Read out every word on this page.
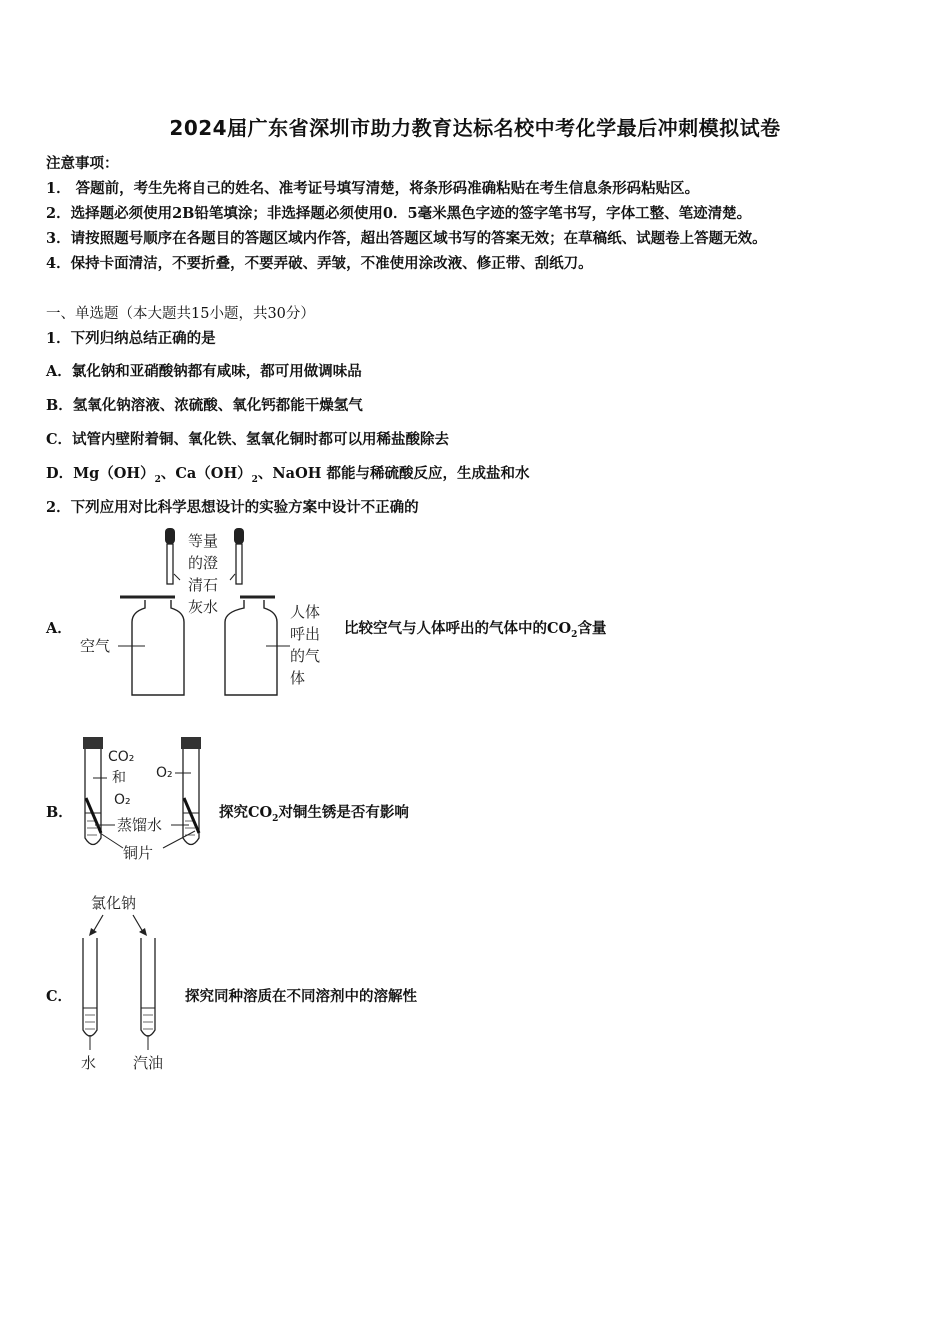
2024届广东省深圳市助力教育达标名校中考化学最后冲刺模拟试卷
注意事项：
1． 答题前，考生先将自己的姓名、准考证号填写清楚，将条形码准确粘贴在考生信息条形码粘贴区。
2．选择题必须使用2B铅笔填涂；非选择题必须使用0．5毫米黑色字迹的签字笔书写，字体工整、笔迹清楚。
3．请按照题号顺序在各题目的答题区域内作答，超出答题区域书写的答案无效；在草稿纸、试题卷上答题无效。
4．保持卡面清洁，不要折叠，不要弄破、弄皱，不准使用涂改液、修正带、刮纸刀。
一、单选题（本大题共15小题，共30分）
1．下列归纳总结正确的是
A．氯化钠和亚硝酸钠都有咸味，都可用做调味品
B．氢氧化钠溶液、浓硫酸、氧化钙都能干燥氢气
C．试管内壁附着铜、氧化铁、氢氧化铜时都可以用稀盐酸除去
D．$Mg(OH)_2$、$Ca(OH)_2$、NaOH 都能与稀硫酸反应，生成盐和水
2．下列应用对比科学思想设计的实验方案中设计不正确的
A．
等量
的澄
清石
灰水
空气
人体
呼出
的气
体
比较空气与人体呼出的气体中的$CO_2$含量
B．
CO₂
和
O₂
O₂
蒸馏水
铜片
探究$CO_2$对铜生锈是否有影响
C．
氯化钠
水 汽油
探究同种溶质在不同溶剂中的溶解性
